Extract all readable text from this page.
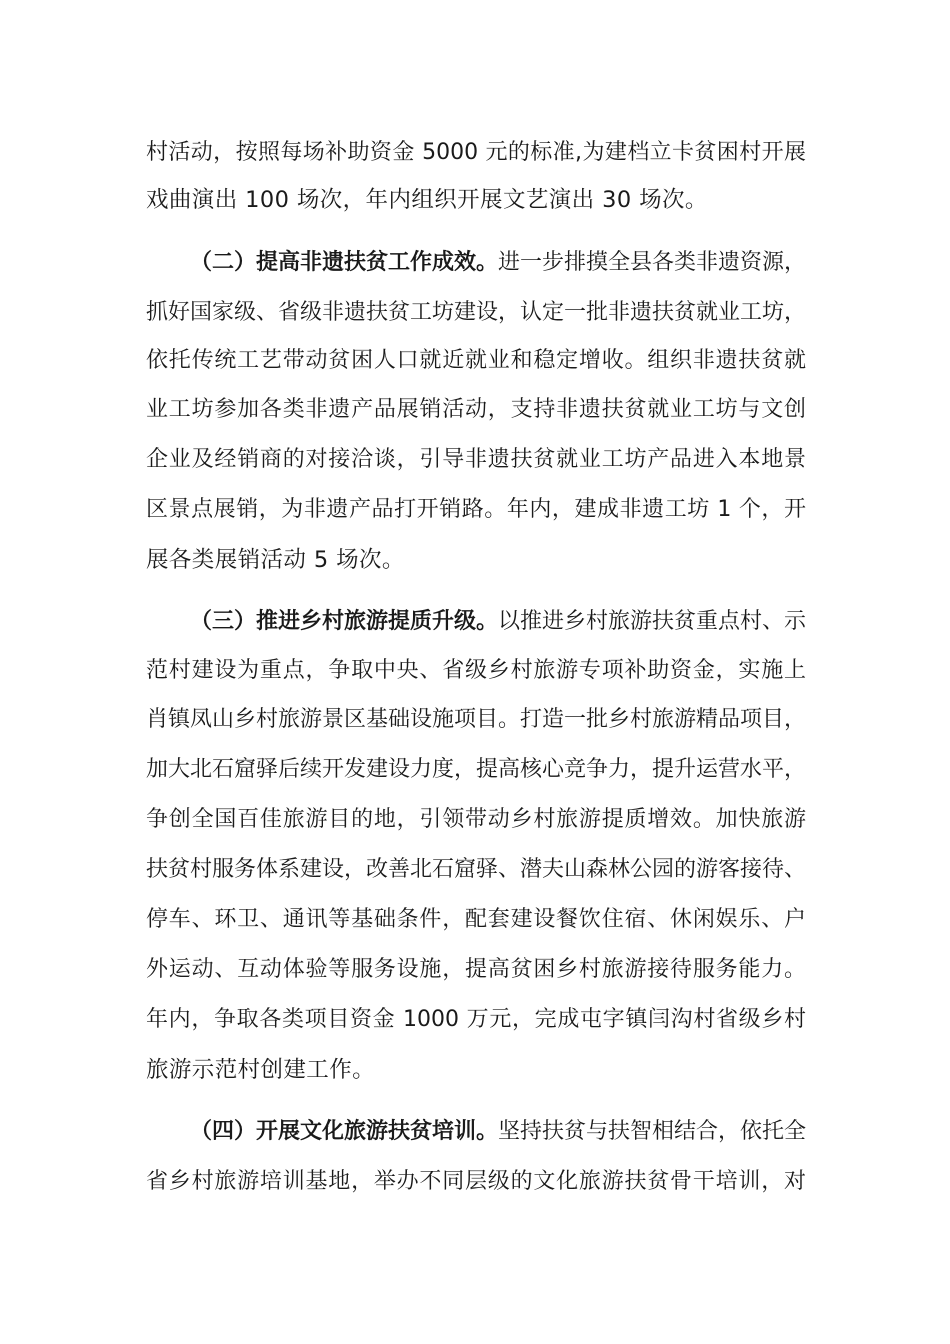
村活动，按照每场补助资金 5000 元的标准,为建档立卡贫困村开展
戏曲演出 100 场次，年内组织开展文艺演出 30 场次。
（二）提高非遗扶贫工作成效。进一步排摸全县各类非遗资源，
抓好国家级、省级非遗扶贫工坊建设，认定一批非遗扶贫就业工坊，
依托传统工艺带动贫困人口就近就业和稳定增收。组织非遗扶贫就
业工坊参加各类非遗产品展销活动，支持非遗扶贫就业工坊与文创
企业及经销商的对接洽谈，引导非遗扶贫就业工坊产品进入本地景
区景点展销，为非遗产品打开销路。年内，建成非遗工坊 1 个，开
展各类展销活动 5 场次。
（三）推进乡村旅游提质升级。以推进乡村旅游扶贫重点村、示
范村建设为重点，争取中央、省级乡村旅游专项补助资金，实施上
肖镇凤山乡村旅游景区基础设施项目。打造一批乡村旅游精品项目，
加大北石窟驿后续开发建设力度，提高核心竞争力，提升运营水平，
争创全国百佳旅游目的地，引领带动乡村旅游提质增效。加快旅游
扶贫村服务体系建设，改善北石窟驿、潜夫山森林公园的游客接待、
停车、环卫、通讯等基础条件，配套建设餐饮住宿、休闲娱乐、户
外运动、互动体验等服务设施，提高贫困乡村旅游接待服务能力。
年内，争取各类项目资金 1000 万元，完成屯字镇闫沟村省级乡村
旅游示范村创建工作。
（四）开展文化旅游扶贫培训。坚持扶贫与扶智相结合，依托全
省乡村旅游培训基地，举办不同层级的文化旅游扶贫骨干培训，对
